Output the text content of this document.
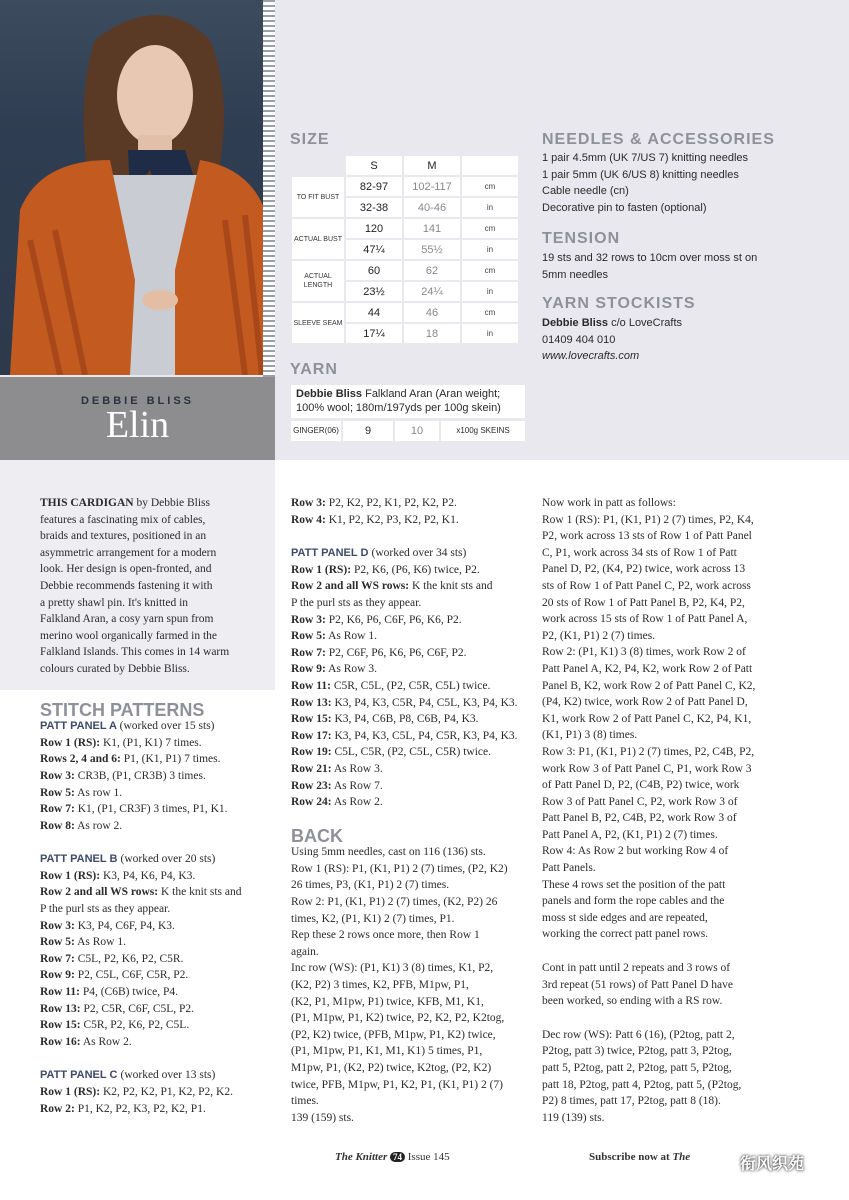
DEBBIE BLISS
Elin
SIZE
	S	M	
TO FIT BUST	82-97	102-117	cm
	32-38	40-46	in
ACTUAL BUST	120	141	cm
	47¼	55½	in
ACTUAL LENGTH	60	62	cm
	23½	24¼	in
SLEEVE SEAM	44	46	cm
	17¼	18	in
YARN
Debbie Bliss Falkland Aran (Aran weight; 100% wool; 180m/197yds per 100g skein)
GINGER(06)	9	10	x100g SKEINS
NEEDLES & ACCESSORIES
1 pair 4.5mm (UK 7/US 7) knitting needles
1 pair 5mm (UK 6/US 8) knitting needles
Cable needle (cn)
Decorative pin to fasten (optional)
TENSION
19 sts and 32 rows to 10cm over moss st on 5mm needles
YARN STOCKISTS
Debbie Bliss c/o LoveCrafts
01409 404 010
www.lovecrafts.com

THIS CARDIGAN by Debbie Bliss

features a fascinating mix of cables,

braids and textures, positioned in an

asymmetric arrangement for a modern

look. Her design is open-fronted, and

Debbie recommends fastening it with

a pretty shawl pin. It's knitted in

Falkland Aran, a cosy yarn spun from

merino wool organically farmed in the

Falkland Islands. This comes in 14 warm

colours curated by Debbie Bliss.

STITCH PATTERNS

PATT PANEL A (worked over 15 sts)

Row 1 (RS): K1, (P1, K1) 7 times.

Rows 2, 4 and 6: P1, (K1, P1) 7 times.

Row 3: CR3B, (P1, CR3B) 3 times.

Row 5: As row 1.

Row 7: K1, (P1, CR3F) 3 times, P1, K1.

Row 8: As row 2.

PATT PANEL B (worked over 20 sts)

Row 1 (RS): K3, P4, K6, P4, K3.

Row 2 and all WS rows: K the knit sts and

P the purl sts as they appear.

Row 3: K3, P4, C6F, P4, K3.

Row 5: As Row 1.

Row 7: C5L, P2, K6, P2, C5R.

Row 9: P2, C5L, C6F, C5R, P2.

Row 11: P4, (C6B) twice, P4.

Row 13: P2, C5R, C6F, C5L, P2.

Row 15: C5R, P2, K6, P2, C5L.

Row 16: As Row 2.

PATT PANEL C (worked over 13 sts)

Row 1 (RS): K2, P2, K2, P1, K2, P2, K2.

Row 2: P1, K2, P2, K3, P2, K2, P1.

Row 3: P2, K2, P2, K1, P2, K2, P2.

Row 4: K1, P2, K2, P3, K2, P2, K1.

PATT PANEL D (worked over 34 sts)

Row 1 (RS): P2, K6, (P6, K6) twice, P2.

Row 2 and all WS rows: K the knit sts and

P the purl sts as they appear.

Row 3: P2, K6, P6, C6F, P6, K6, P2.

Row 5: As Row 1.

Row 7: P2, C6F, P6, K6, P6, C6F, P2.

Row 9: As Row 3.

Row 11: C5R, C5L, (P2, C5R, C5L) twice.

Row 13: K3, P4, K3, C5R, P4, C5L, K3, P4, K3.

Row 15: K3, P4, C6B, P8, C6B, P4, K3.

Row 17: K3, P4, K3, C5L, P4, C5R, K3, P4, K3.

Row 19: C5L, C5R, (P2, C5L, C5R) twice.

Row 21: As Row 3.

Row 23: As Row 7.

Row 24: As Row 2.

BACK

Using 5mm needles, cast on 116 (136) sts.

Row 1 (RS): P1, (K1, P1) 2 (7) times, (P2, K2)

26 times, P3, (K1, P1) 2 (7) times.

Row 2: P1, (K1, P1) 2 (7) times, (K2, P2) 26

times, K2, (P1, K1) 2 (7) times, P1.

Rep these 2 rows once more, then Row 1

again.

Inc row (WS): (P1, K1) 3 (8) times, K1, P2,

(K2, P2) 3 times, K2, PFB, M1pw, P1,

(K2, P1, M1pw, P1) twice, KFB, M1, K1,

(P1, M1pw, P1, K2) twice, P2, K2, P2, K2tog,

(P2, K2) twice, (PFB, M1pw, P1, K2) twice,

(P1, M1pw, P1, K1, M1, K1) 5 times, P1,

M1pw, P1, (K2, P2) twice, K2tog, (P2, K2)

twice, PFB, M1pw, P1, K2, P1, (K1, P1) 2 (7)

times.

139 (159) sts.

Now work in patt as follows:

Row 1 (RS): P1, (K1, P1) 2 (7) times, P2, K4,

P2, work across 13 sts of Row 1 of Patt Panel

C, P1, work across 34 sts of Row 1 of Patt

Panel D, P2, (K4, P2) twice, work across 13

sts of Row 1 of Patt Panel C, P2, work across

20 sts of Row 1 of Patt Panel B, P2, K4, P2,

work across 15 sts of Row 1 of Patt Panel A,

P2, (K1, P1) 2 (7) times.

Row 2: (P1, K1) 3 (8) times, work Row 2 of

Patt Panel A, K2, P4, K2, work Row 2 of Patt

Panel B, K2, work Row 2 of Patt Panel C, K2,

(P4, K2) twice, work Row 2 of Patt Panel D,

K1, work Row 2 of Patt Panel C, K2, P4, K1,

(K1, P1) 3 (8) times.

Row 3: P1, (K1, P1) 2 (7) times, P2, C4B, P2,

work Row 3 of Patt Panel C, P1, work Row 3

of Patt Panel D, P2, (C4B, P2) twice, work

Row 3 of Patt Panel C, P2, work Row 3 of

Patt Panel B, P2, C4B, P2, work Row 3 of

Patt Panel A, P2, (K1, P1) 2 (7) times.

Row 4: As Row 2 but working Row 4 of

Patt Panels.

These 4 rows set the position of the patt

panels and form the rope cables and the

moss st side edges and are repeated,

working the correct patt panel rows.

Cont in patt until 2 repeats and 3 rows of

3rd repeat (51 rows) of Patt Panel D have

been worked, so ending with a RS row.

Dec row (WS): Patt 6 (16), (P2tog, patt 2,

P2tog, patt 3) twice, P2tog, patt 3, P2tog,

patt 5, P2tog, patt 2, P2tog, patt 5, P2tog,

patt 18, P2tog, patt 4, P2tog, patt 5, (P2tog,

P2) 8 times, patt 17, P2tog, patt 8 (18).

119 (139) sts.

The Knitter 74 Issue 145	Subscribe now at The	衔风织苑
